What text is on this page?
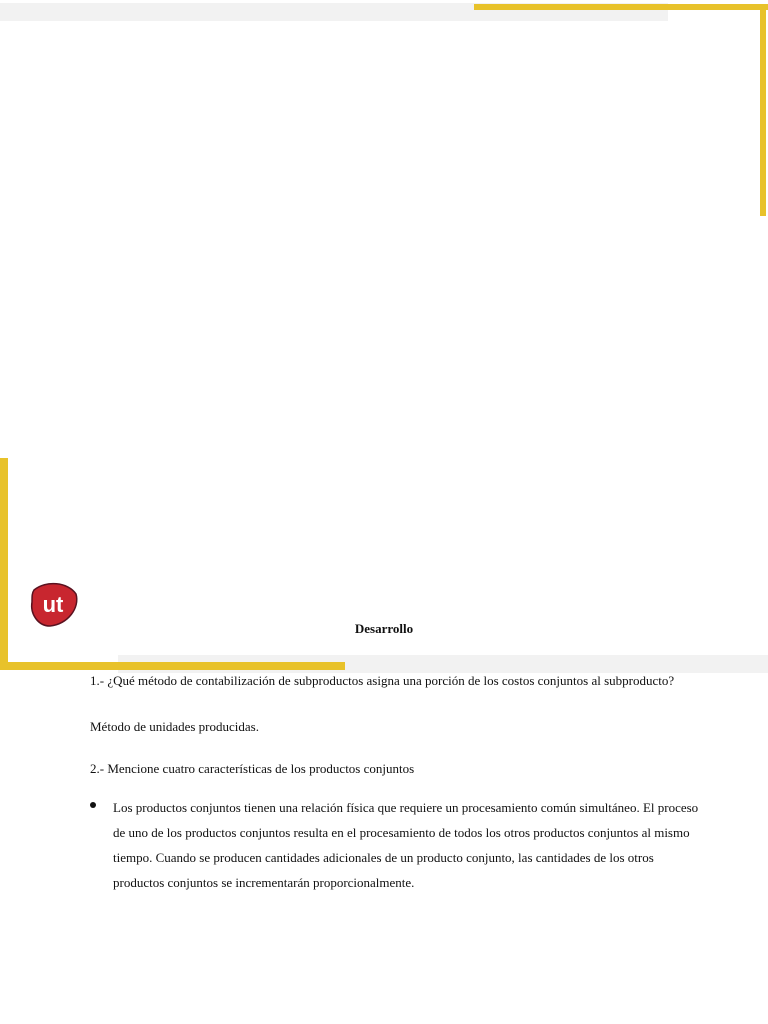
ut
Desarrollo
1.- ¿Qué método de contabilización de subproductos asigna una porción de los costos conjuntos al subproducto?
Método de unidades producidas.
2.- Mencione cuatro características de los productos conjuntos
Los productos conjuntos tienen una relación física que requiere un procesamiento común simultáneo. El proceso de uno de los productos conjuntos resulta en el procesamiento de todos los otros productos conjuntos al mismo tiempo. Cuando se producen cantidades adicionales de un producto conjunto, las cantidades de los otros productos conjuntos se incrementarán proporcionalmente.
